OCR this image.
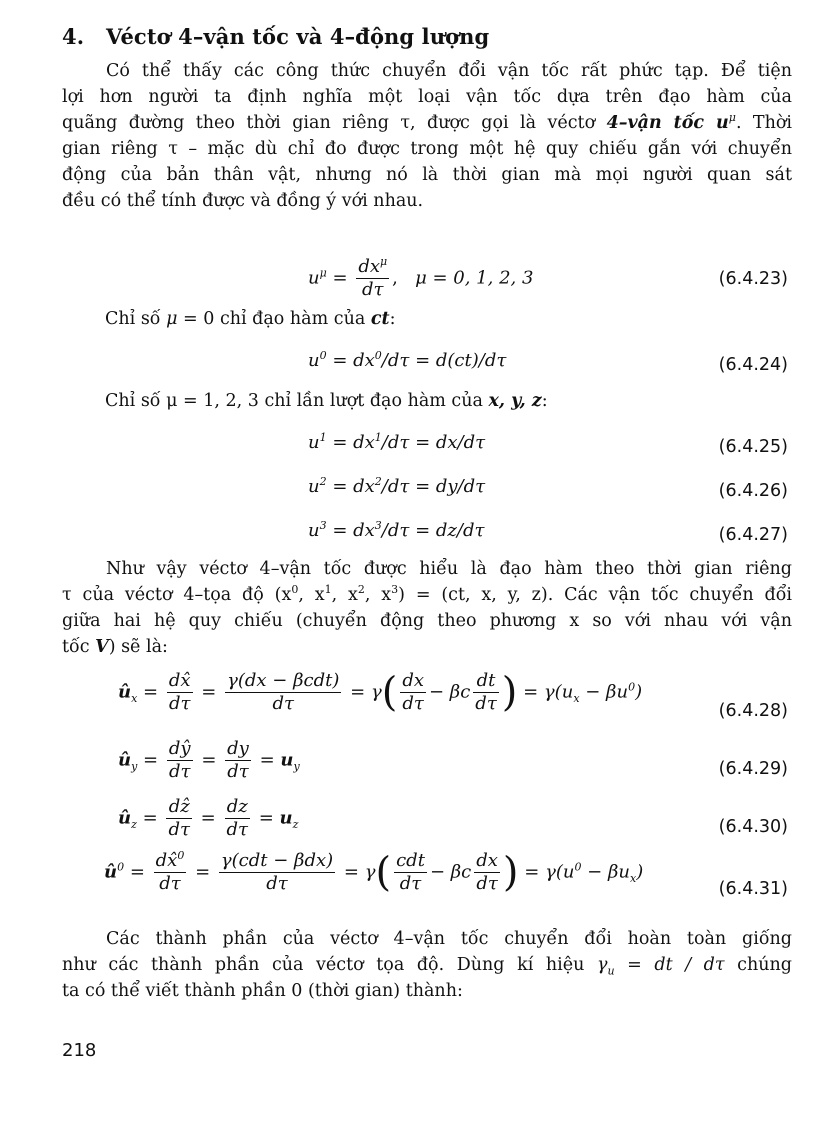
4. Véctơ 4–vận tốc và 4–động lượng
Có thể thấy các công thức chuyển đổi vận tốc rất phức tạp. Để tiện
lợi hơn người ta định nghĩa một loại vận tốc dựa trên đạo hàm của
quãng đường theo thời gian riêng τ, được gọi là véctơ 4–vận tốc $u^\mu$. Thời
gian riêng τ – mặc dù chỉ đo được trong một hệ quy chiếu gắn với chuyển
động của bản thân vật, nhưng nó là thời gian mà mọi người quan sát
đều có thể tính được và đồng ý với nhau.
$u^\mu = \frac{dx^\mu}{d\tau}$ , μ = 0, 1, 2, 3	(6.4.23)
Chỉ số μ = 0 chỉ đạo hàm của ct:
$u^0 = dx^0/d\tau = d(ct)/d\tau$	(6.4.24)
Chỉ số μ = 1, 2, 3 chỉ lần lượt đạo hàm của x, y, z:
$u^1 = dx^1/d\tau = dx/d\tau$	(6.4.25)
$u^2 = dx^2/d\tau = dy/d\tau$	(6.4.26)
$u^3 = dx^3/d\tau = dz/d\tau$	(6.4.27)
Như vậy véctơ 4–vận tốc được hiểu là đạo hàm theo thời gian riêng
τ của véctơ 4–tọa độ ($x^0$, $x^1$, $x^2$, $x^3) = (ct$, x, y, z). Các vận tốc chuyển đổi
giữa hai hệ quy chiếu (chuyển động theo phương x so với nhau với vận
tốc V) sẽ là:
$û_x = \frac{dx̂}{d\tau} = \frac{\text{γ(dx − βcdt)}}{d\tau} = \gamma( \frac{dx}{d\tau} - \beta c \frac{dt}{d\tau}$ ) = $\gamma(u_x - \beta u^0)$
(6.4.28)
$û_y = \frac{dŷ}{d\tau} = \frac{dy}{d\tau} = u_y$	(6.4.29)
$û_z = \frac{\text{dẑ}}{d\tau} = \frac{dz}{d\tau} = u_z$	(6.4.30)
$û^0 = \frac{dx̂^0}{d\tau} = \frac{\text{γ(cdt − βdx)}}{d\tau} = \gamma( \frac{\text{cdt}}{d\tau} - \beta c \frac{dx}{d\tau}$ ) = $\gamma(u^0 - \beta u_x)$
(6.4.31)
Các thành phần của véctơ 4–vận tốc chuyển đổi hoàn toàn giống
như các thành phần của véctơ tọa độ. Dùng kí hiệu $\gamma_u$ = dt / dτ chúng
ta có thể viết thành phần 0 (thời gian) thành:
218
